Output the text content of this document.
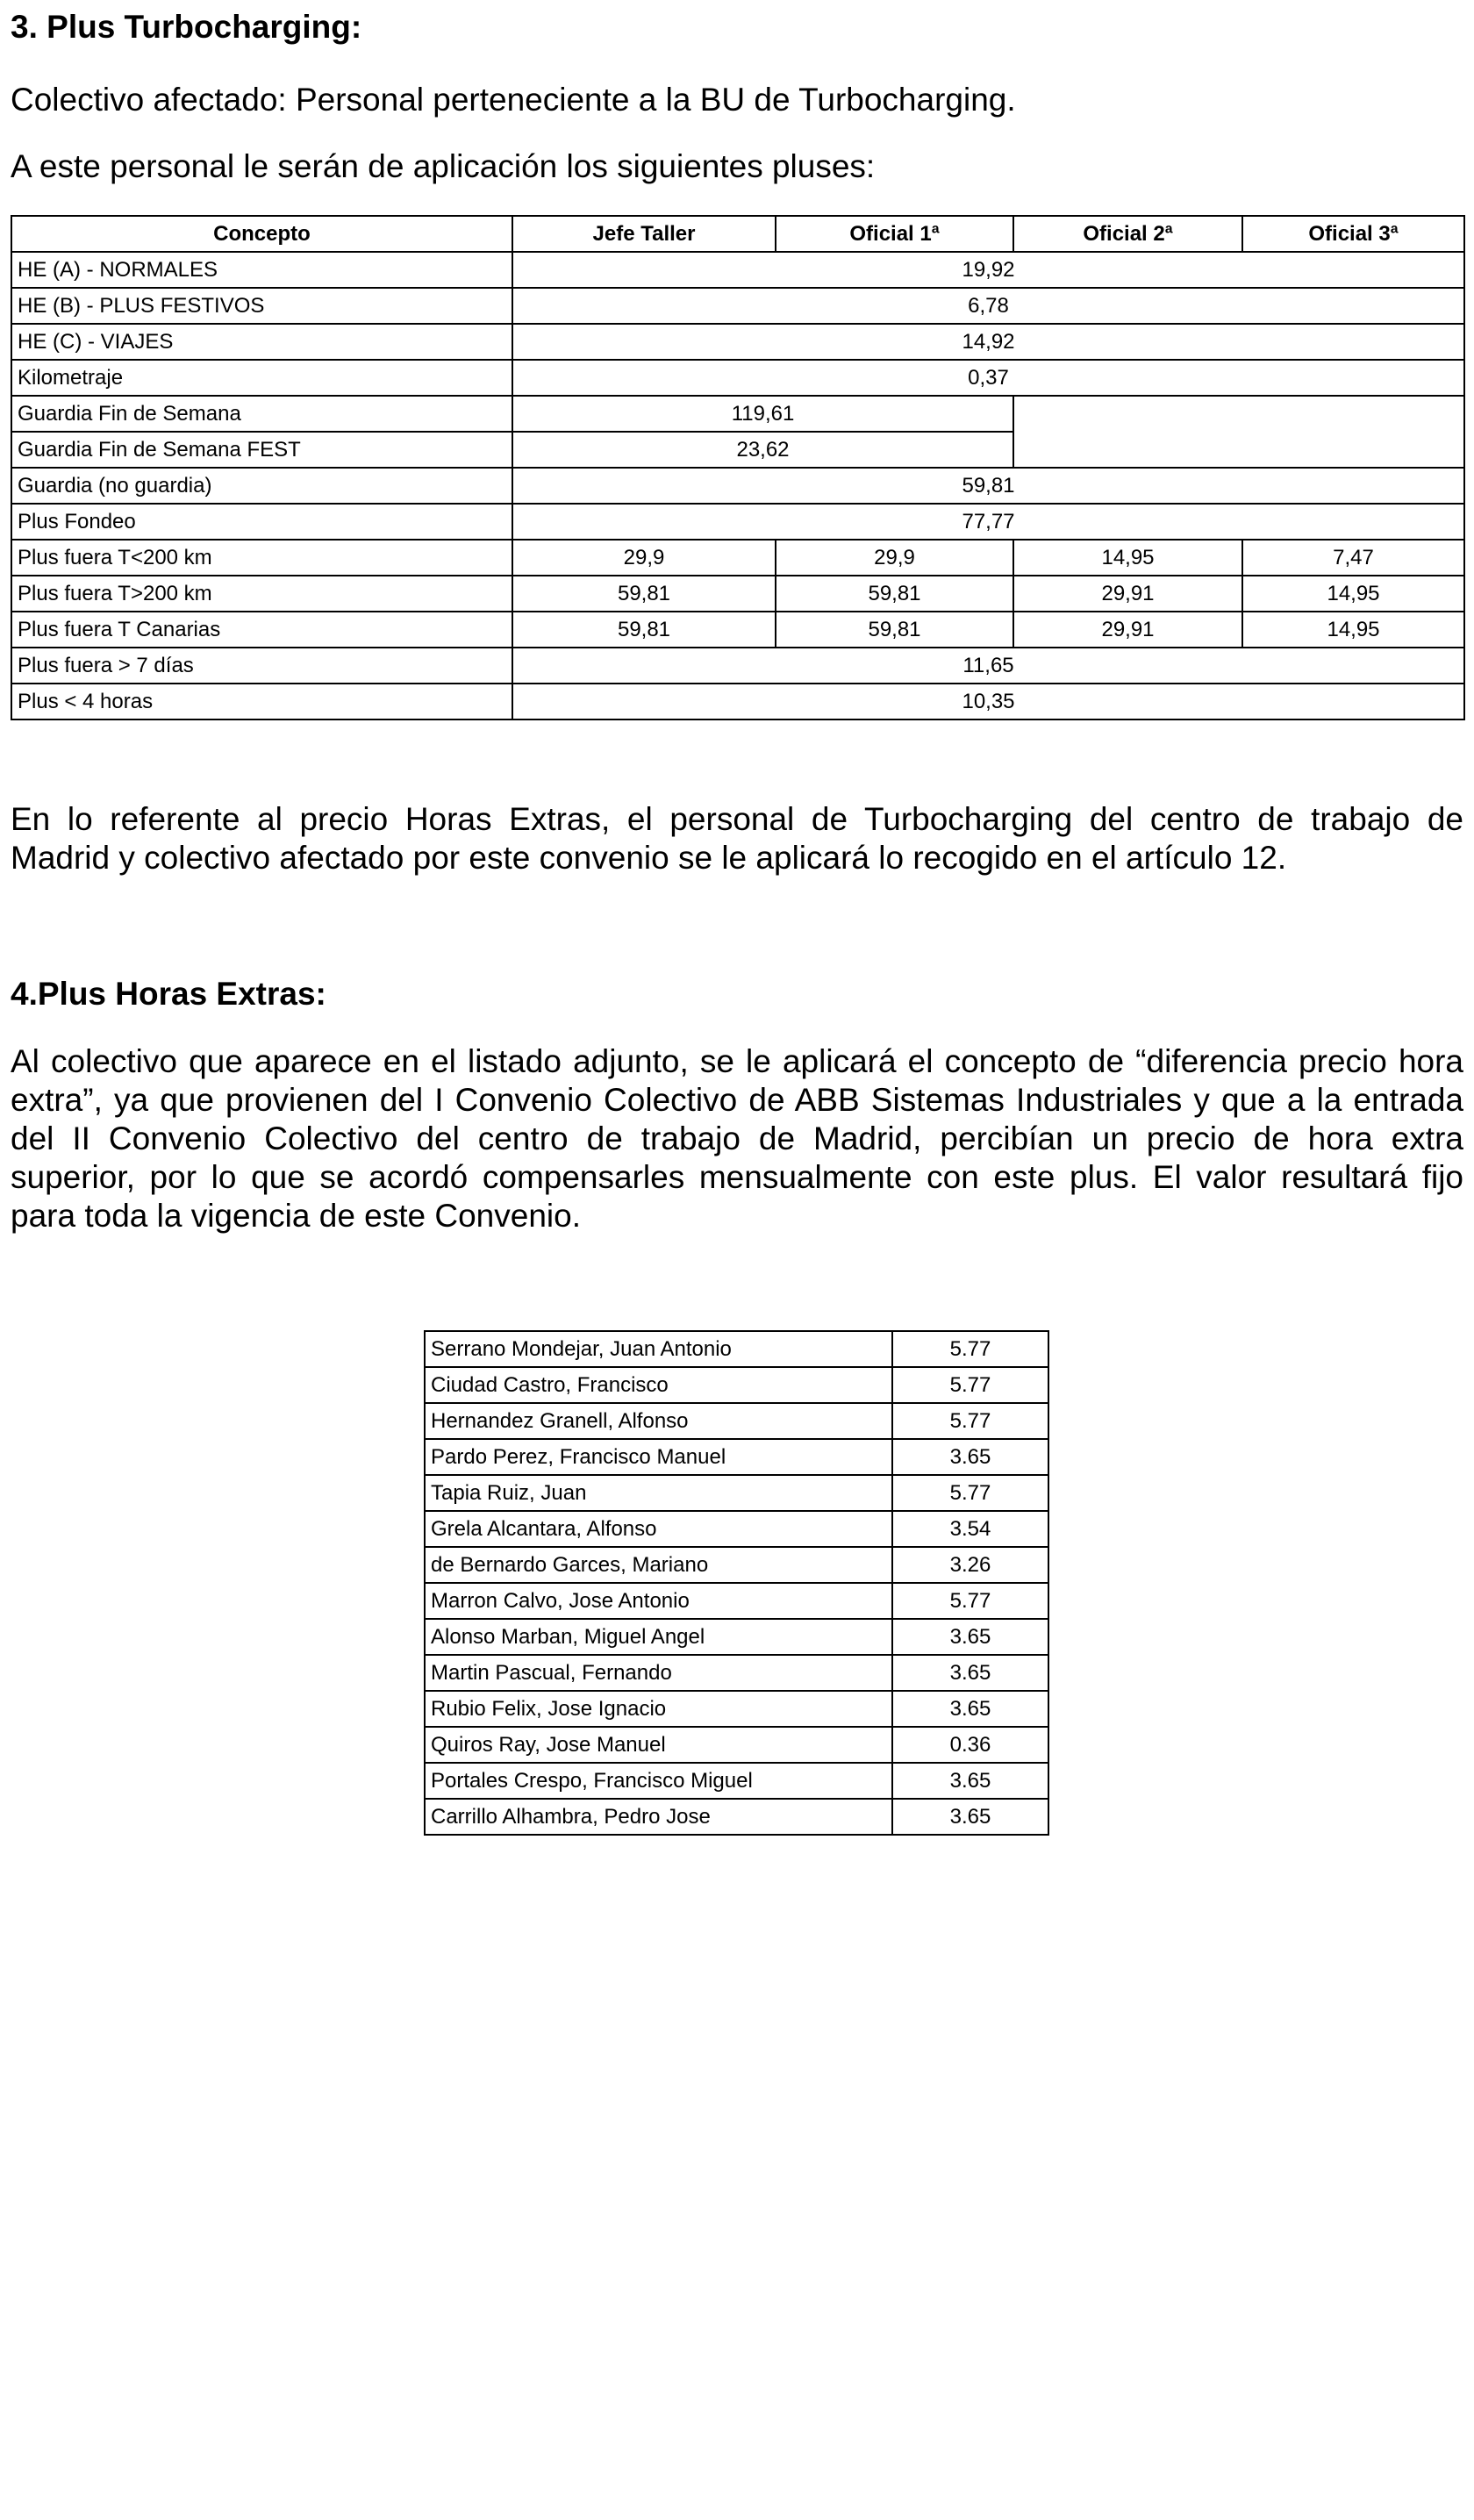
3. Plus Turbocharging:

Colectivo afectado: Personal perteneciente a la BU de Turbocharging.

A este personal le serán de aplicación los siguientes pluses:

Concepto	Jefe Taller	Oficial 1ª	Oficial 2ª	Oficial 3ª
HE (A) - NORMALES	19,92			
HE (B) - PLUS FESTIVOS	6,78			
HE (C) - VIAJES	14,92			
Kilometraje	0,37			
Guardia Fin de Semana	119,61			
Guardia Fin de Semana FEST	23,62			
Guardia (no guardia)	59,81			
Plus Fondeo	77,77			
Plus fuera T<200 km	29,9	29,9	14,95	7,47
Plus fuera T>200 km	59,81	59,81	29,91	14,95
Plus fuera T Canarias	59,81	59,81	29,91	14,95
Plus fuera > 7 días	11,65			
Plus < 4 horas	10,35			
En lo referente al precio Horas Extras, el personal de Turbocharging del centro de trabajo de
Madrid y colectivo afectado por este convenio se le aplicará lo recogido en el artículo 12.
4.Plus Horas Extras:
Al colectivo que aparece en el listado adjunto, se le aplicará el concepto de “diferencia precio hora
extra”, ya que provienen del I Convenio Colectivo de ABB Sistemas Industriales y que a la entrada
del II Convenio Colectivo del centro de trabajo de Madrid, percibían un precio de hora extra
superior, por lo que se acordó compensarles mensualmente con este plus. El valor resultará fijo
para toda la vigencia de este Convenio.
Serrano Mondejar, Juan Antonio	5.77
Ciudad Castro, Francisco	5.77
Hernandez Granell, Alfonso	5.77
Pardo Perez, Francisco Manuel	3.65
Tapia Ruiz, Juan	5.77
Grela Alcantara, Alfonso	3.54
de Bernardo Garces, Mariano	3.26
Marron Calvo, Jose Antonio	5.77
Alonso Marban, Miguel Angel	3.65
Martin Pascual, Fernando	3.65
Rubio Felix, Jose Ignacio	3.65
Quiros Ray, Jose Manuel	0.36
Portales Crespo, Francisco Miguel	3.65
Carrillo Alhambra, Pedro Jose	3.65
